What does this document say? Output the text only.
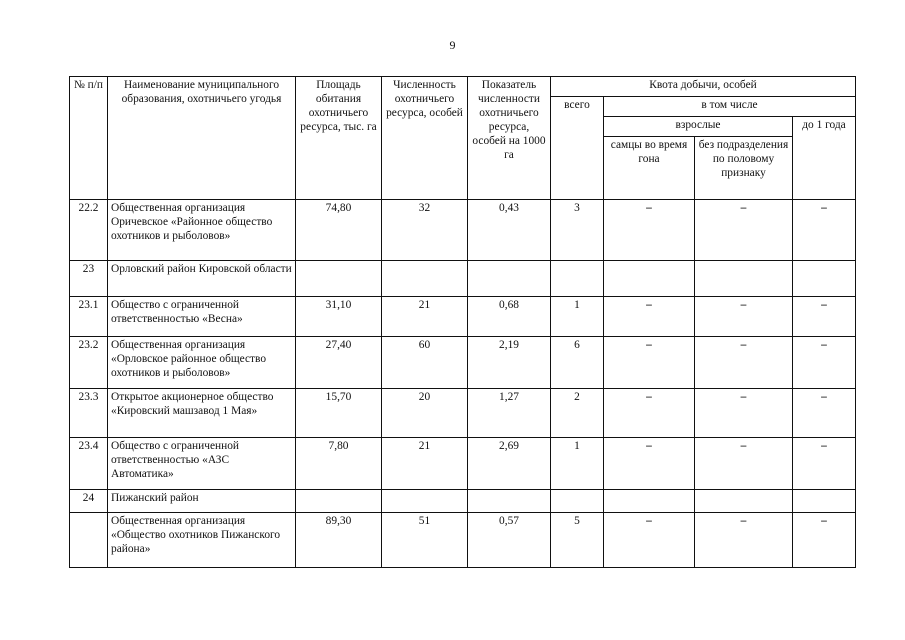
9
№ п/п	Наименование муниципального образования, охотничьего угодья	Площадь обитания охотничьего ресурса, тыс. га	Численность охотничьего ресурса, особей	Показатель численности охотничьего ресурса, особей на 1000 га	Квота добычи, особей			
					всего	в том числе		
						взрослые		до 1 года
						самцы во время гона	без подразделения по половому признаку	
22.2	Общественная организация Оричевское «Районное общество охотников и рыболовов»	74,80	32	0,43	3	–	–	–
23	Орловский район Кировской области							
23.1	Общество с ограниченной ответственностью «Весна»	31,10	21	0,68	1	–	–	–
23.2	Общественная организация «Орловское районное общество охотников и рыболовов»	27,40	60	2,19	6	–	–	–
23.3	Открытое акционерное общество «Кировский машзавод 1 Мая»	15,70	20	1,27	2	–	–	–
23.4	Общество с ограниченной ответственностью «АЗС Автоматика»	7,80	21	2,69	1	–	–	–
24	Пижанский район							
	Общественная организация «Общество охотников Пижанского района»	89,30	51	0,57	5	–	–	–
